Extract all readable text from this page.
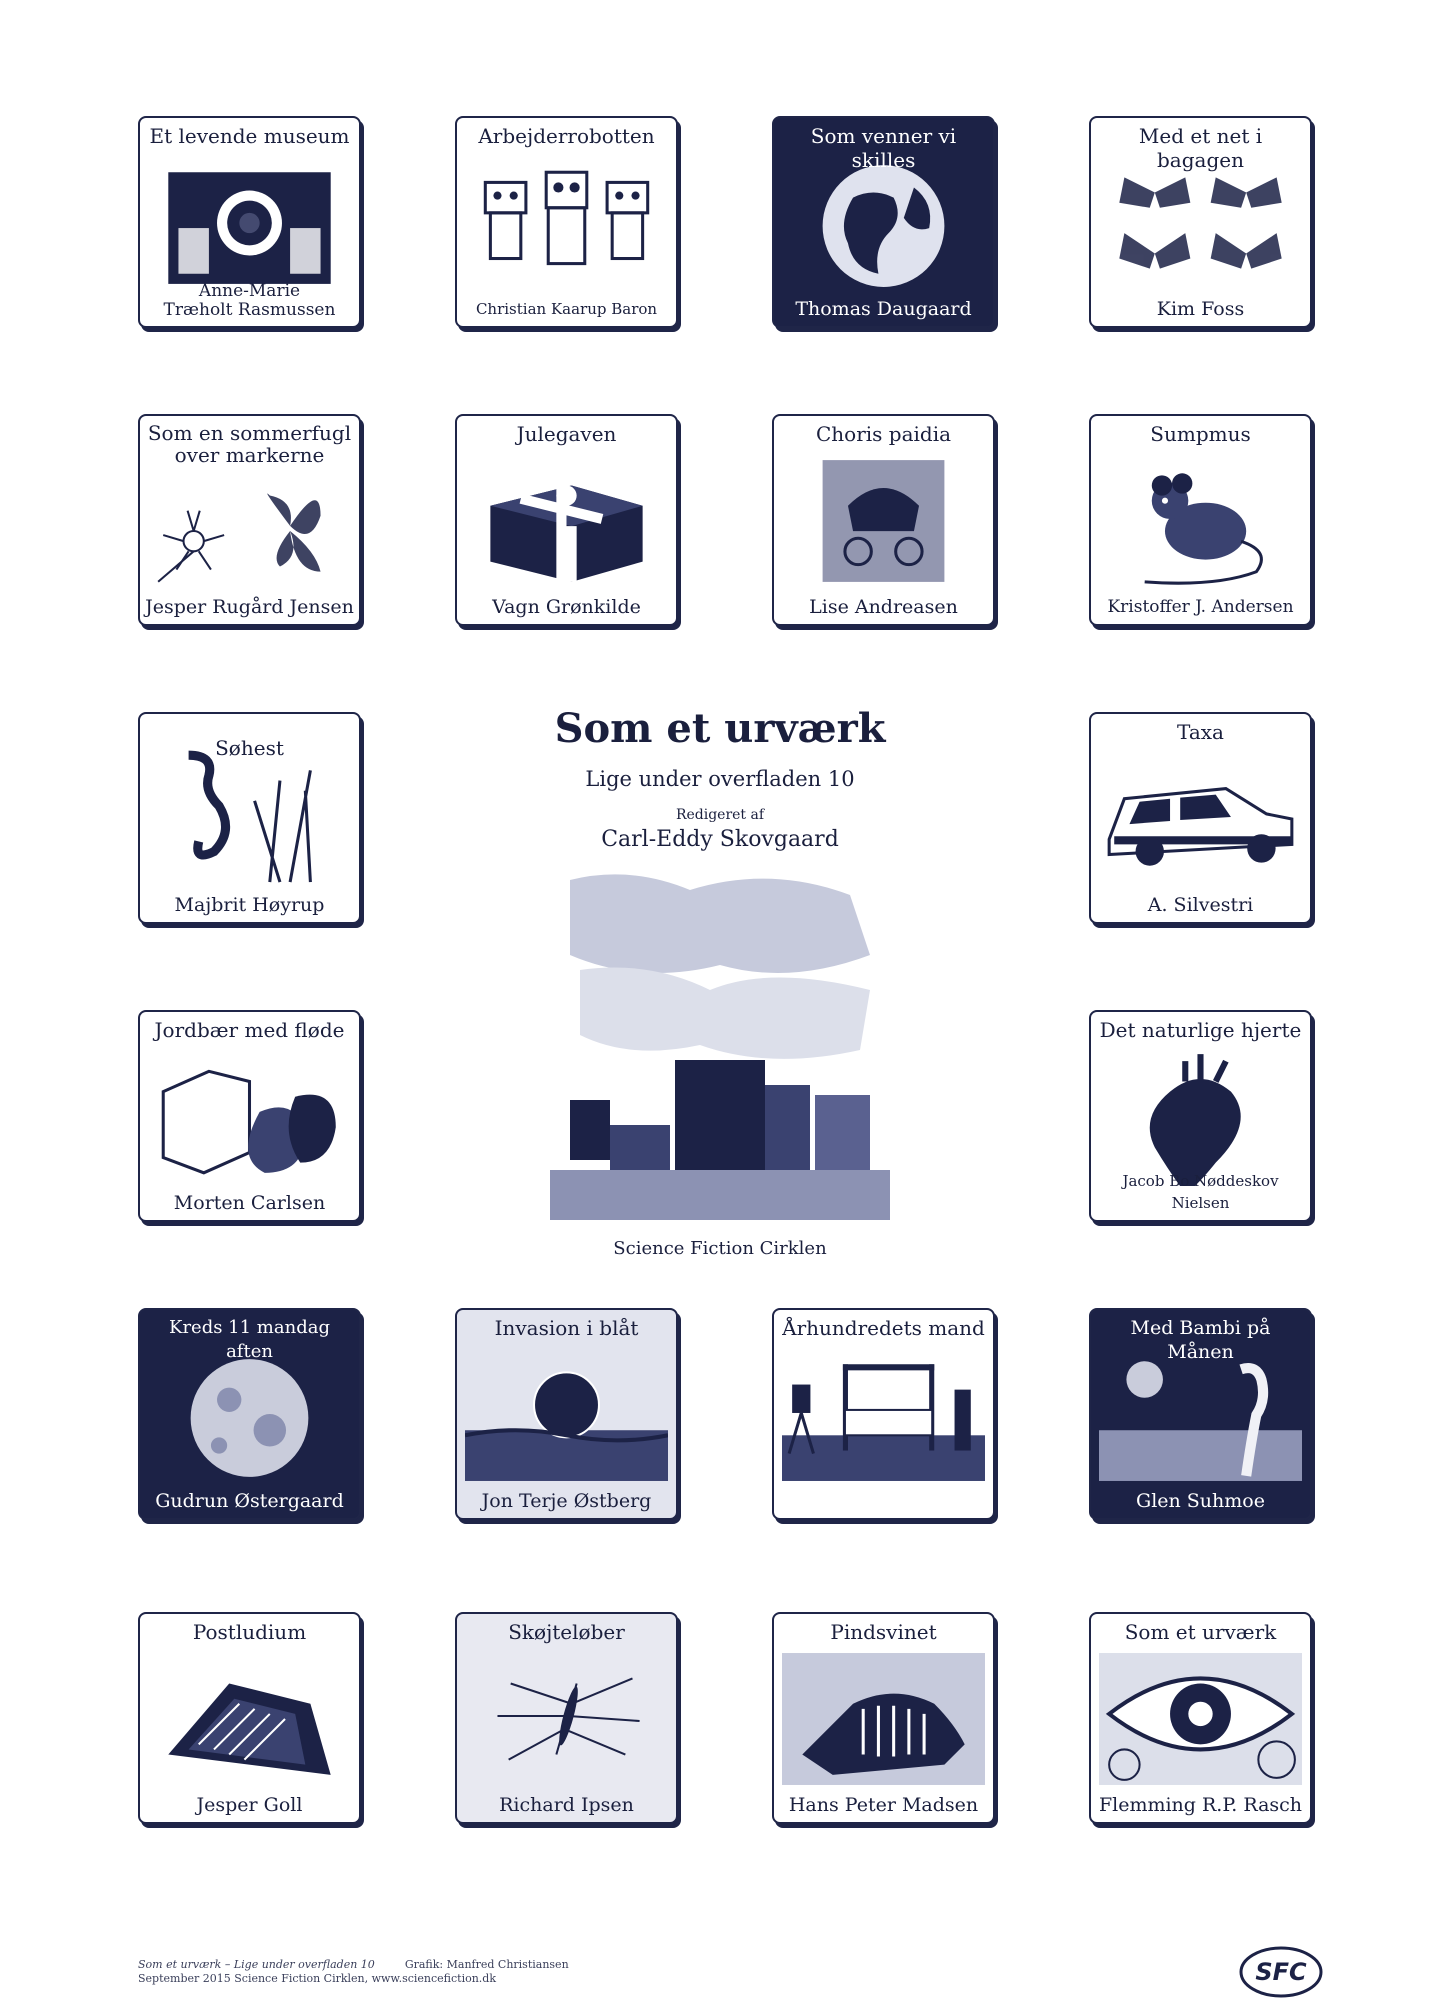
Et levende museum
Anne-Marie
Træholt Rasmussen
Arbejderrobotten
Christian Kaarup Baron
Som venner vi skilles
Thomas Daugaard
Med et net i bagagen
Kim Foss
Som en sommerfugl
over markerne
Jesper Rugård Jensen
Julegaven
Vagn Grønkilde
Choris paidia
Lise Andreasen
Sumpmus
Kristoffer J. Andersen
Søhest
Majbrit Høyrup
Som et urværk
Lige under overfladen 10
Redigeret af
Carl-Eddy Skovgaard
Science Fiction Cirklen
Taxa
A. Silvestri
Jordbær med fløde
Morten Carlsen
Det naturlige hjerte
Jacob Bo Nøddeskov Nielsen
Kreds 11 mandag aften
Gudrun Østergaard
Invasion i blåt
Jon Terje Østberg
Århundredets mand
Lars Ahn Pedersen
Med Bambi på Månen
Glen Suhmoe
Postludium
Jesper Goll
Skøjteløber
Richard Ipsen
Pindsvinet
Hans Peter Madsen
Som et urværk
Flemming R.P. Rasch
Som et urværk – Lige under overfladen 10	Grafik: Manfred Christiansen
September 2015 Science Fiction Cirklen, www.sciencefiction.dk	SFC
